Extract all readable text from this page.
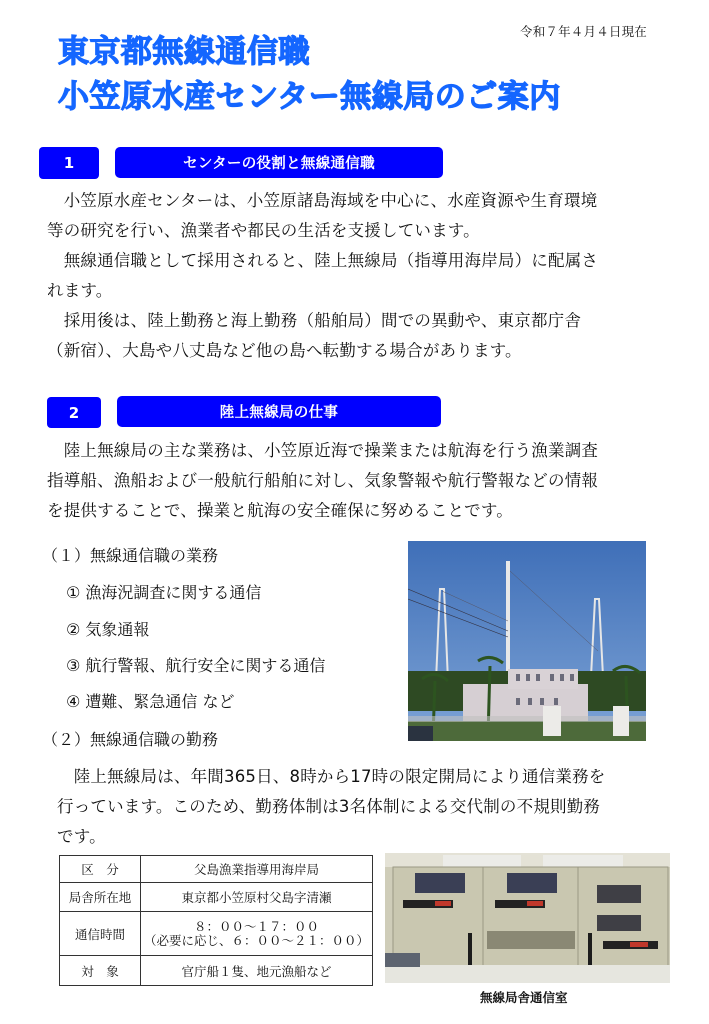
令和７年４月４日現在
東京都無線通信職
小笠原水産センター無線局のご案内
1	センターの役割と無線通信職
　小笠原水産センターは、小笠原諸島海域を中心に、水産資源や生育環境
等の研究を行い、漁業者や都民の生活を支援しています。
　無線通信職として採用されると、陸上無線局（指導用海岸局）に配属さ
れます。
　採用後は、陸上勤務と海上勤務（船舶局）間での異動や、東京都庁舎
（新宿）、大島や八丈島など他の島へ転勤する場合があります。
2	陸上無線局の仕事
　陸上無線局の主な業務は、小笠原近海で操業または航海を行う漁業調査
指導船、漁船および一般航行船舶に対し、気象警報や航行警報などの情報
を提供することで、操業と航海の安全確保に努めることです。
（１）無線通信職の業務
① 漁海況調査に関する通信
② 気象通報
③ 航行警報、航行安全に関する通信
④ 遭難、緊急通信 など
（２）無線通信職の勤務
　陸上無線局は、年間365日、8時から17時の限定開局により通信業務を
行っています。このため、勤務体制は3名体制による交代制の不規則勤務
です。
区　分	父島漁業指導用海岸局
局舎所在地	東京都小笠原村父島字清瀬
通信時間	８：００～１７：００
（必要に応じ、６：００～２１：００）

対　象	官庁船１隻、地元漁船など
無線局舎通信室
